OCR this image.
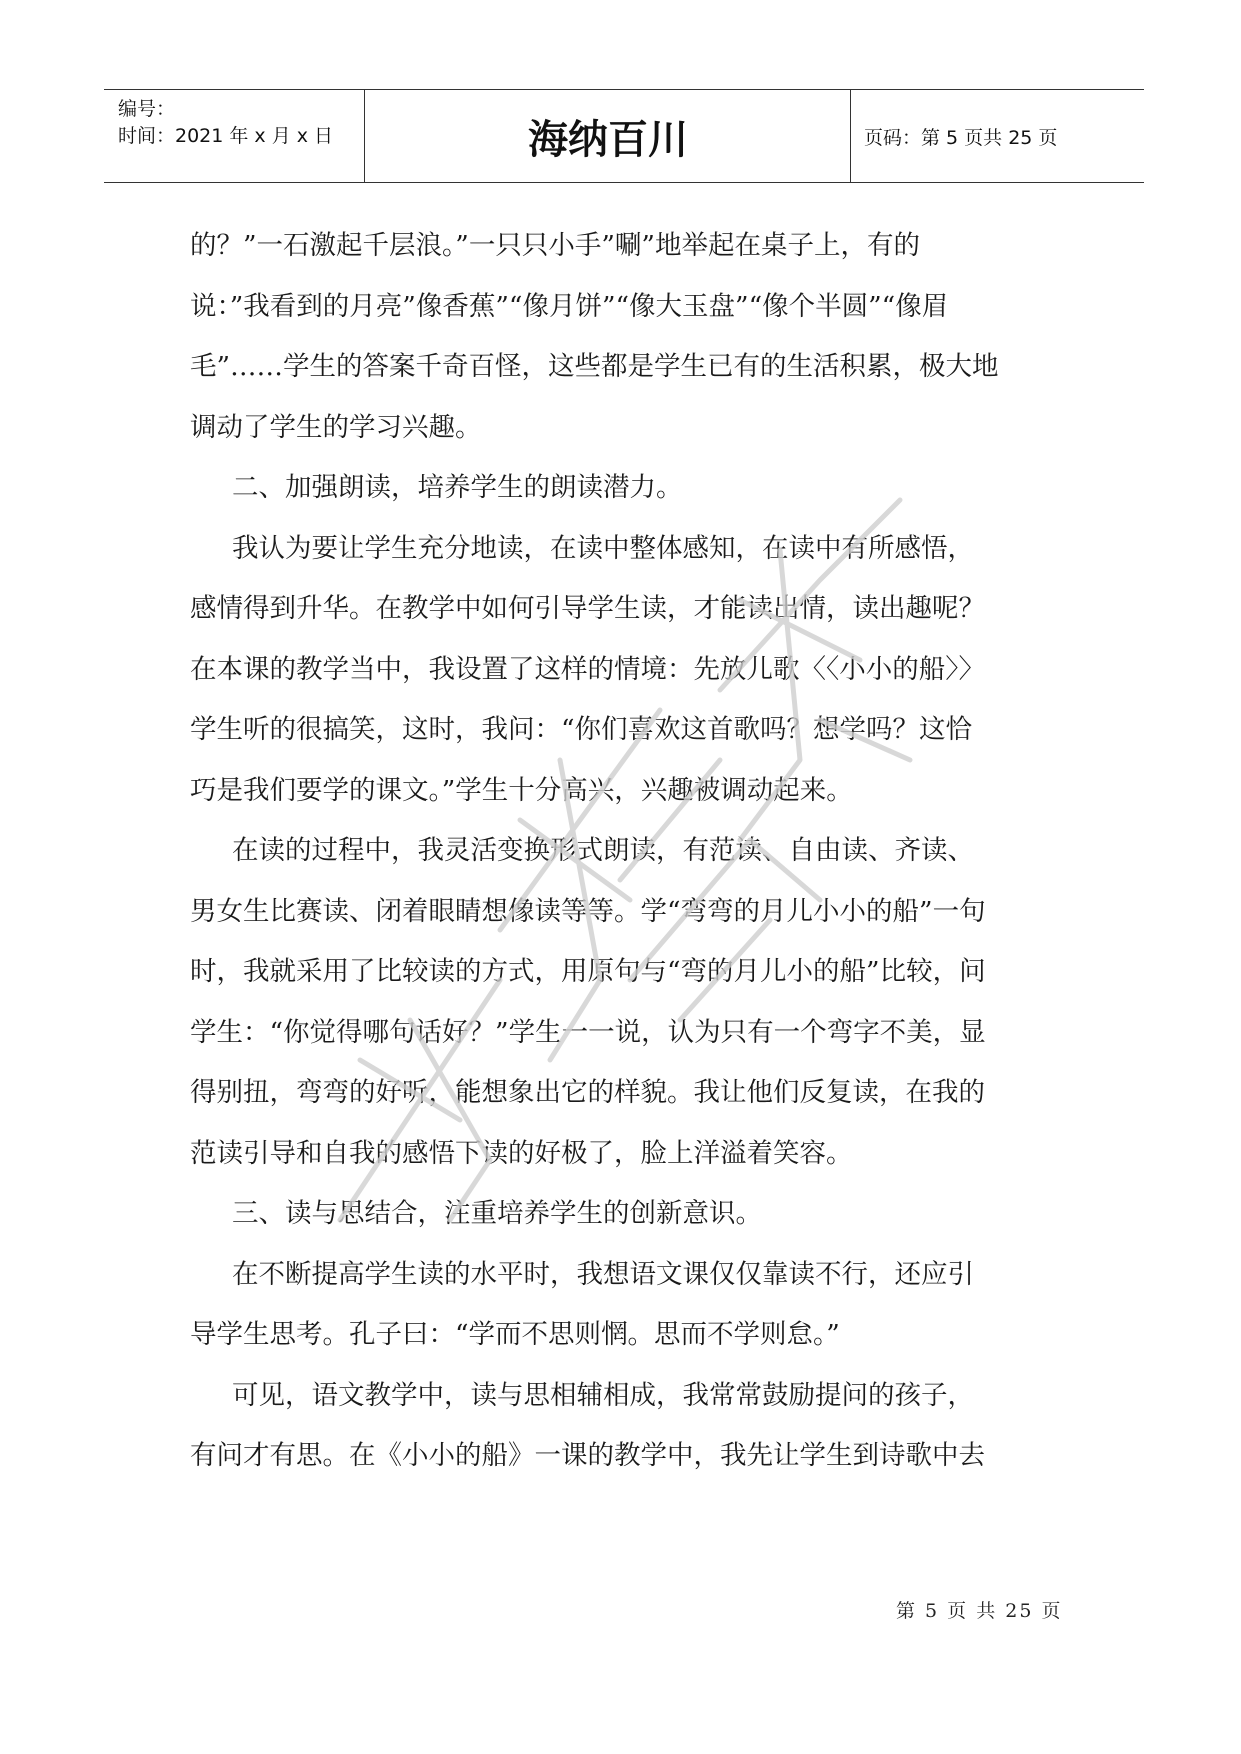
编号：
时间：2021 年 x 月 x 日	海纳百川	页码：第 5 页共 25 页

的？”一石激起千层浪。”一只只小手”唰”地举起在桌子上，有的

说：”我看到的月亮”像香蕉”“像月饼”“像大玉盘”“像个半圆”“像眉

毛”……学生的答案千奇百怪，这些都是学生已有的生活积累，极大地

调动了学生的学习兴趣。

二、加强朗读，培养学生的朗读潜力。

我认为要让学生充分地读，在读中整体感知，在读中有所感悟，

感情得到升华。在教学中如何引导学生读，才能读出情，读出趣呢？

在本课的教学当中，我设置了这样的情境：先放儿歌〈〈小小的船〉〉

学生听的很搞笑，这时，我问：“你们喜欢这首歌吗？想学吗？这恰

巧是我们要学的课文。”学生十分高兴，兴趣被调动起来。

在读的过程中，我灵活变换形式朗读，有范读、自由读、齐读、

男女生比赛读、闭着眼睛想像读等等。学“弯弯的月儿小小的船”一句

时，我就采用了比较读的方式，用原句与“弯的月儿小的船”比较，问

学生：“你觉得哪句话好？”学生一一说，认为只有一个弯字不美，显

得别扭，弯弯的好听，能想象出它的样貌。我让他们反复读，在我的

范读引导和自我的感悟下读的好极了，脸上洋溢着笑容。

三、读与思结合，注重培养学生的创新意识。

在不断提高学生读的水平时，我想语文课仅仅靠读不行，还应引

导学生思考。孔子曰：“学而不思则惘。思而不学则怠。”

可见，语文教学中，读与思相辅相成，我常常鼓励提问的孩子，

有问才有思。在《小小的船》一课的教学中，我先让学生到诗歌中去

第 5 页 共 25 页
